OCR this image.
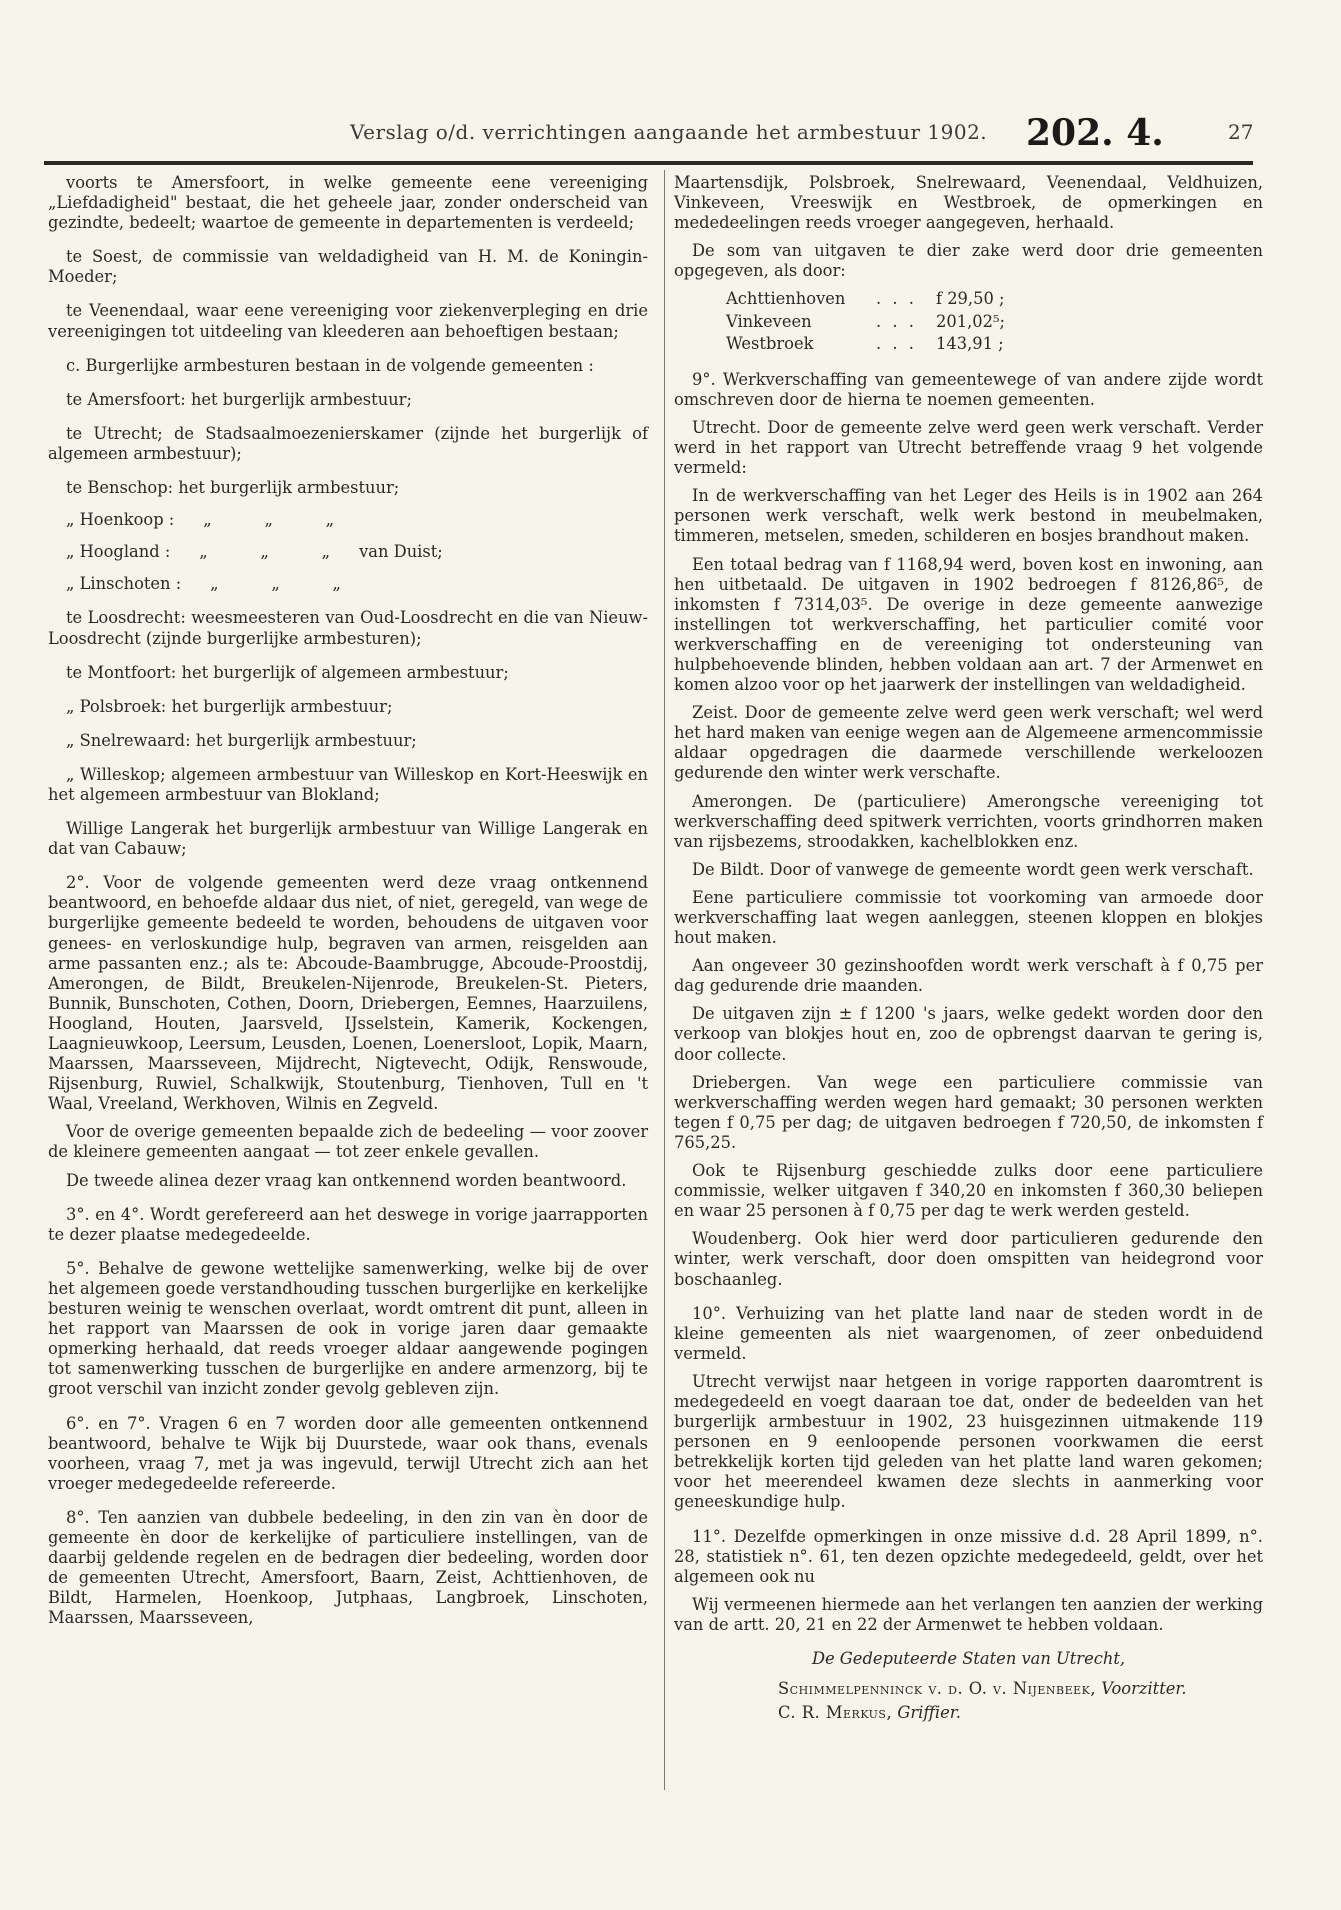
Verslag o/d. verrichtingen aangaande het armbestuur 1902. 202. 4.	27

voorts te Amersfoort, in welke gemeente eene vereeniging „Liefdadigheid" bestaat, die het geheele jaar, zonder onderscheid van gezindte, bedeelt; waartoe de gemeente in departementen is verdeeld;

te Soest, de commissie van weldadigheid van H. M. de Koningin-Moeder;

te Veenendaal, waar eene vereeniging voor ziekenverpleging en drie vereenigingen tot uitdeeling van kleederen aan behoeftigen bestaan;

c. Burgerlijke armbesturen bestaan in de volgende gemeenten :

te Amersfoort: het burgerlijk armbestuur;

te Utrecht; de Stadsaalmoezenierskamer (zijnde het burgerlijk of algemeen armbestuur);

te Benschop: het burgerlijk armbestuur;
„ Hoenkoop : „	„	„
„ Hoogland : „	„	„ van Duist;
„ Linschoten : „	„	„

te Loosdrecht: weesmeesteren van Oud-Loosdrecht en die van Nieuw-Loosdrecht (zijnde burgerlijke armbesturen);

te Montfoort: het burgerlijk of algemeen armbestuur;

„ Polsbroek: het burgerlijk armbestuur;

„ Snelrewaard: het burgerlijk armbestuur;

„ Willeskop; algemeen armbestuur van Willeskop en Kort-Heeswijk en het algemeen armbestuur van Blokland;

Willige Langerak het burgerlijk armbestuur van Willige Langerak en dat van Cabauw;

2°. Voor de volgende gemeenten werd deze vraag ontkennend beantwoord, en behoefde aldaar dus niet, of niet, geregeld, van wege de burgerlijke gemeente bedeeld te worden, behoudens de uitgaven voor genees- en verloskundige hulp, begraven van armen, reisgelden aan arme passanten enz.; als te: Abcoude-Baambrugge, Abcoude-Proostdij, Amerongen, de Bildt, Breukelen-Nijenrode, Breukelen-St. Pieters, Bunnik, Bunschoten, Cothen, Doorn, Driebergen, Eemnes, Haarzuilens, Hoogland, Houten, Jaarsveld, IJsselstein, Kamerik, Kockengen, Laagnieuwkoop, Leersum, Leusden, Loenen, Loenersloot, Lopik, Maarn, Maarssen, Maarsseveen, Mijdrecht, Nigtevecht, Odijk, Renswoude, Rijsenburg, Ruwiel, Schalkwijk, Stoutenburg, Tienhoven, Tull en 't Waal, Vreeland, Werkhoven, Wilnis en Zegveld.

Voor de overige gemeenten bepaalde zich de bedeeling — voor zoover de kleinere gemeenten aangaat — tot zeer enkele gevallen.

De tweede alinea dezer vraag kan ontkennend worden beantwoord.

3°. en 4°. Wordt gerefereerd aan het deswege in vorige jaarrapporten te dezer plaatse medegedeelde.

5°. Behalve de gewone wettelijke samenwerking, welke bij de over het algemeen goede verstandhouding tusschen burgerlijke en kerkelijke besturen weinig te wenschen overlaat, wordt omtrent dit punt, alleen in het rapport van Maarssen de ook in vorige jaren daar gemaakte opmerking herhaald, dat reeds vroeger aldaar aangewende pogingen tot samenwerking tusschen de burgerlijke en andere armenzorg, bij te groot verschil van inzicht zonder gevolg gebleven zijn.

6°. en 7°. Vragen 6 en 7 worden door alle gemeenten ontkennend beantwoord, behalve te Wijk bij Duurstede, waar ook thans, evenals voorheen, vraag 7, met ja was ingevuld, terwijl Utrecht zich aan het vroeger medegedeelde refereerde.

8°. Ten aanzien van dubbele bedeeling, in den zin van èn door de gemeente èn door de kerkelijke of particuliere instellingen, van de daarbij geldende regelen en de bedragen dier bedeeling, worden door de gemeenten Utrecht, Amersfoort, Baarn, Zeist, Achttienhoven, de Bildt, Harmelen, Hoenkoop, Jutphaas, Langbroek, Linschoten, Maarssen, Maarsseveen,

Maartensdijk, Polsbroek, Snelrewaard, Veenendaal, Veldhuizen, Vinkeveen, Vreeswijk en Westbroek, de opmerkingen en mededeelingen reeds vroeger aangegeven, herhaald.

De som van uitgaven te dier zake werd door drie gemeenten opgegeven, als door:

Achttienhoven	. . .	f 29,50 ;
Vinkeveen	. . .	201,02⁵;
Westbroek	. . .	143,91 ;

9°. Werkverschaffing van gemeentewege of van andere zijde wordt omschreven door de hierna te noemen gemeenten.

Utrecht. Door de gemeente zelve werd geen werk verschaft. Verder werd in het rapport van Utrecht betreffende vraag 9 het volgende vermeld:

In de werkverschaffing van het Leger des Heils is in 1902 aan 264 personen werk verschaft, welk werk bestond in meubelmaken, timmeren, metselen, smeden, schilderen en bosjes brandhout maken.

Een totaal bedrag van f 1168,94 werd, boven kost en inwoning, aan hen uitbetaald. De uitgaven in 1902 bedroegen f 8126,86⁵, de inkomsten f 7314,03⁵. De overige in deze gemeente aanwezige instellingen tot werkverschaffing, het particulier comité voor werkverschaffing en de vereeniging tot ondersteuning van hulpbehoevende blinden, hebben voldaan aan art. 7 der Armenwet en komen alzoo voor op het jaarwerk der instellingen van weldadigheid.

Zeist. Door de gemeente zelve werd geen werk verschaft; wel werd het hard maken van eenige wegen aan de Algemeene armencommissie aldaar opgedragen die daarmede verschillende werkeloozen gedurende den winter werk verschafte.

Amerongen. De (particuliere) Amerongsche vereeniging tot werkverschaffing deed spitwerk verrichten, voorts grindhorren maken van rijsbezems, stroodakken, kachelblokken enz.

De Bildt. Door of vanwege de gemeente wordt geen werk verschaft.

Eene particuliere commissie tot voorkoming van armoede door werkverschaffing laat wegen aanleggen, steenen kloppen en blokjes hout maken.

Aan ongeveer 30 gezinshoofden wordt werk verschaft à f 0,75 per dag gedurende drie maanden.

De uitgaven zijn ± f 1200 's jaars, welke gedekt worden door den verkoop van blokjes hout en, zoo de opbrengst daarvan te gering is, door collecte.

Driebergen. Van wege een particuliere commissie van werkverschaffing werden wegen hard gemaakt; 30 personen werkten tegen f 0,75 per dag; de uitgaven bedroegen f 720,50, de inkomsten f 765,25.

Ook te Rijsenburg geschiedde zulks door eene particuliere commissie, welker uitgaven f 340,20 en inkomsten f 360,30 beliepen en waar 25 personen à f 0,75 per dag te werk werden gesteld.

Woudenberg. Ook hier werd door particulieren gedurende den winter, werk verschaft, door doen omspitten van heidegrond voor boschaanleg.

10°. Verhuizing van het platte land naar de steden wordt in de kleine gemeenten als niet waargenomen, of zeer onbeduidend vermeld.

Utrecht verwijst naar hetgeen in vorige rapporten daaromtrent is medegedeeld en voegt daaraan toe dat, onder de bedeelden van het burgerlijk armbestuur in 1902, 23 huisgezinnen uitmakende 119 personen en 9 eenloopende personen voorkwamen die eerst betrekkelijk korten tijd geleden van het platte land waren gekomen; voor het meerendeel kwamen deze slechts in aanmerking voor geneeskundige hulp.

11°. Dezelfde opmerkingen in onze missive d.d. 28 April 1899, n°. 28, statistiek n°. 61, ten dezen opzichte medegedeeld, geldt, over het algemeen ook nu

Wij vermeenen hiermede aan het verlangen ten aanzien der werking van de artt. 20, 21 en 22 der Armenwet te hebben voldaan.

De Gedeputeerde Staten van Utrecht,
Schimmelpenninck v. d. O. v. Nijenbeek, Voorzitter.
C. R. Merkus, Griffier.
